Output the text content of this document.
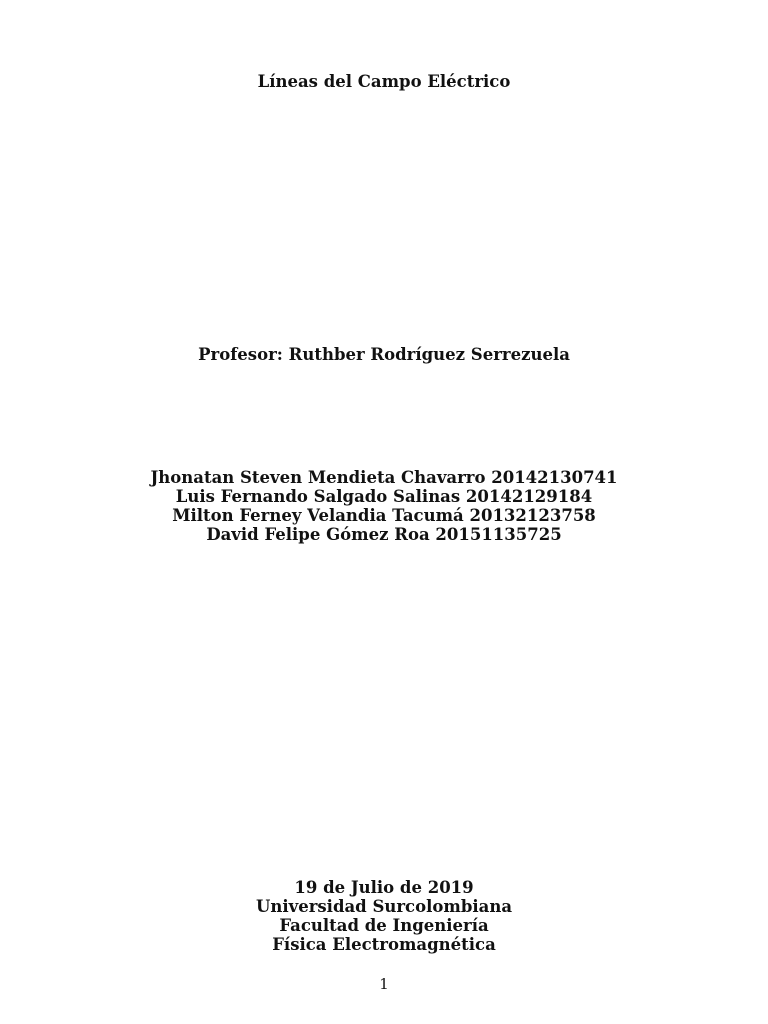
Líneas del Campo Eléctrico
Profesor: Ruthber Rodríguez Serrezuela
Jhonatan Steven Mendieta Chavarro 20142130741
Luis Fernando Salgado Salinas 20142129184
Milton Ferney Velandia Tacumá 20132123758
David Felipe Gómez Roa 20151135725
19 de Julio de 2019
Universidad Surcolombiana
Facultad de Ingeniería
Física Electromagnética
1
